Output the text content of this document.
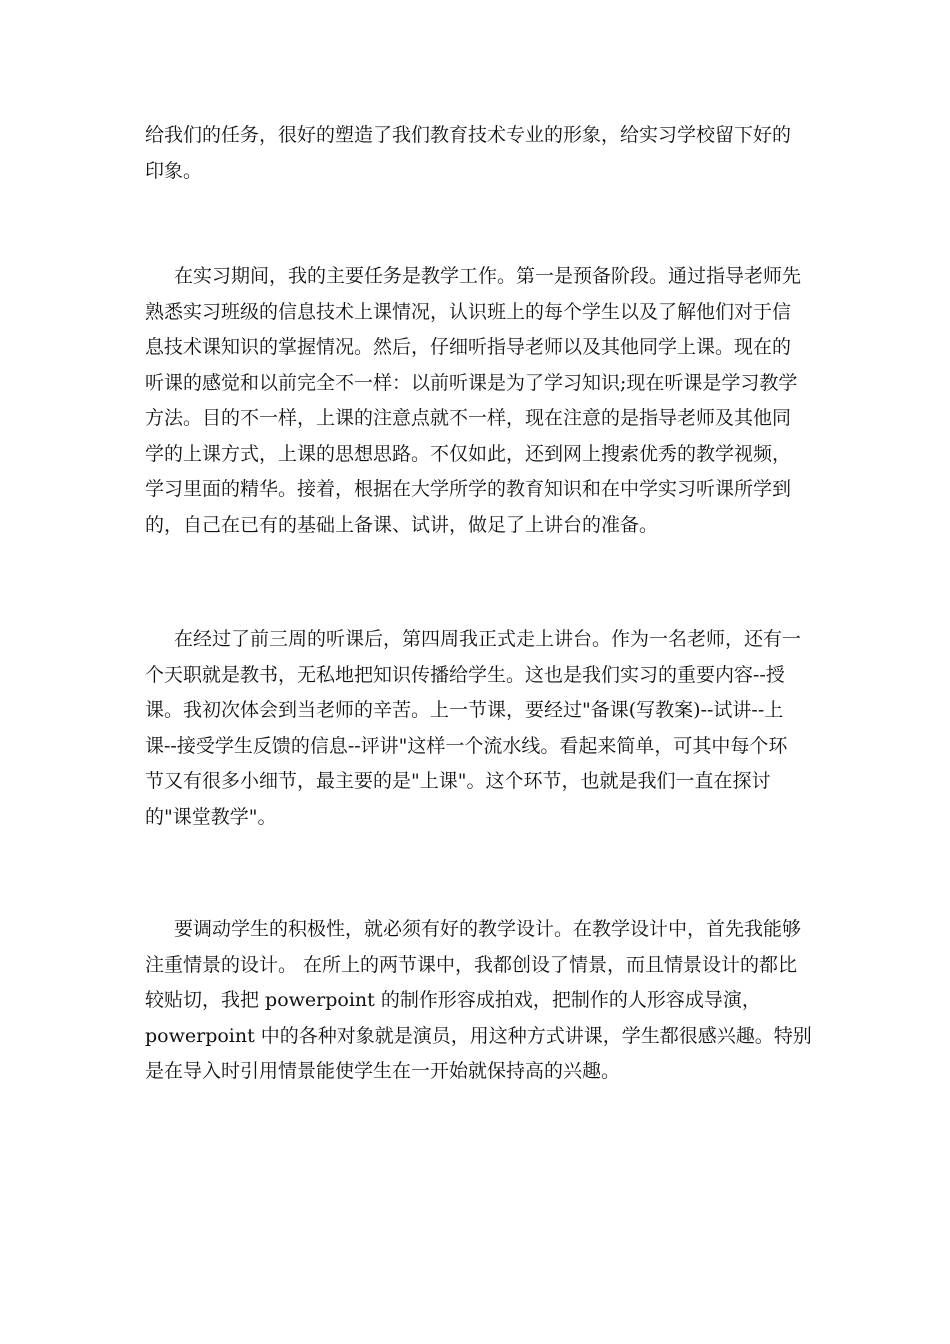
给我们的任务，很好的塑造了我们教育技术专业的形象，给实习学校留下好的
印象。
在实习期间，我的主要任务是教学工作。第一是预备阶段。通过指导老师先
熟悉实习班级的信息技术上课情况，认识班上的每个学生以及了解他们对于信
息技术课知识的掌握情况。然后，仔细听指导老师以及其他同学上课。现在的
听课的感觉和以前完全不一样：以前听课是为了学习知识;现在听课是学习教学
方法。目的不一样，上课的注意点就不一样，现在注意的是指导老师及其他同
学的上课方式，上课的思想思路。不仅如此，还到网上搜索优秀的教学视频，
学习里面的精华。接着，根据在大学所学的教育知识和在中学实习听课所学到
的，自己在已有的基础上备课、试讲，做足了上讲台的准备。
在经过了前三周的听课后，第四周我正式走上讲台。作为一名老师，还有一
个天职就是教书，无私地把知识传播给学生。这也是我们实习的重要内容--授
课。我初次体会到当老师的辛苦。上一节课，要经过"备课(写教案)--试讲--上
课--接受学生反馈的信息--评讲"这样一个流水线。看起来简单，可其中每个环
节又有很多小细节，最主要的是"上课"。这个环节，也就是我们一直在探讨
的"课堂教学"。
要调动学生的积极性，就必须有好的教学设计。在教学设计中，首先我能够
注重情景的设计。 在所上的两节课中，我都创设了情景，而且情景设计的都比
较贴切，我把 powerpoint 的制作形容成拍戏，把制作的人形容成导演，
powerpoint 中的各种对象就是演员，用这种方式讲课，学生都很感兴趣。特别
是在导入时引用情景能使学生在一开始就保持高的兴趣。
